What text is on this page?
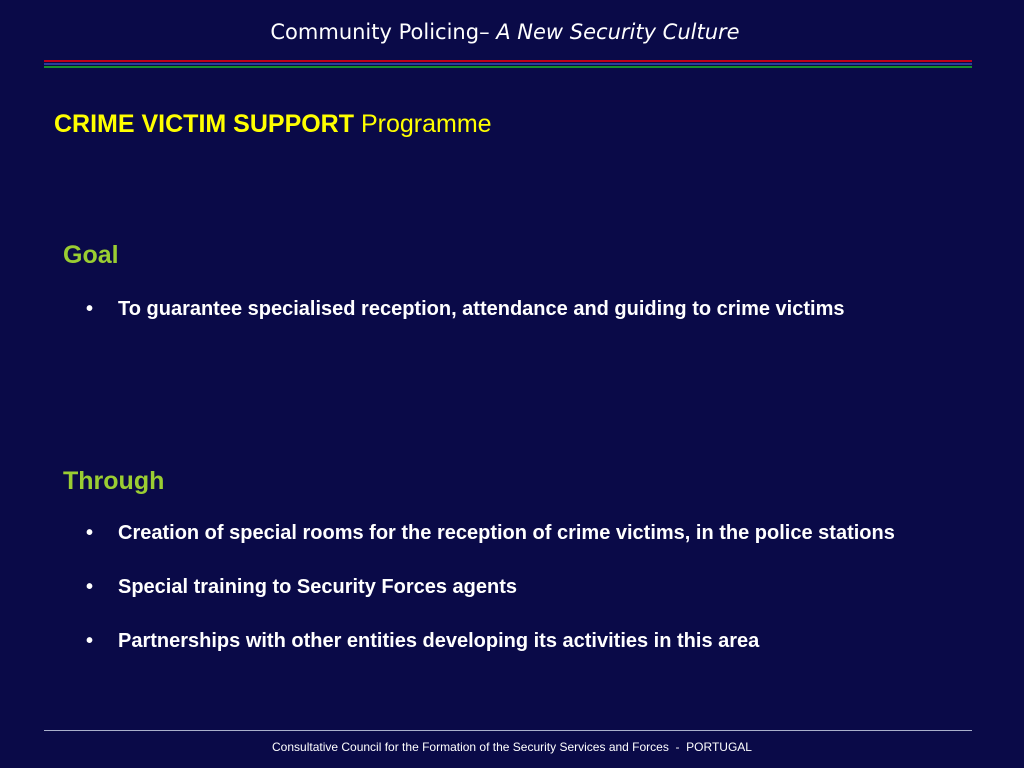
Community Policing– A New Security Culture
CRIME VICTIM SUPPORT Programme
Goal
• To guarantee specialised reception, attendance and guiding to crime victims
Through
• Creation of special rooms for the reception of crime victims, in the police stations
• Special training to Security Forces agents
• Partnerships with other entities developing its activities in this area
Consultative Council for the Formation of the Security Services and Forces  -  PORTUGAL
